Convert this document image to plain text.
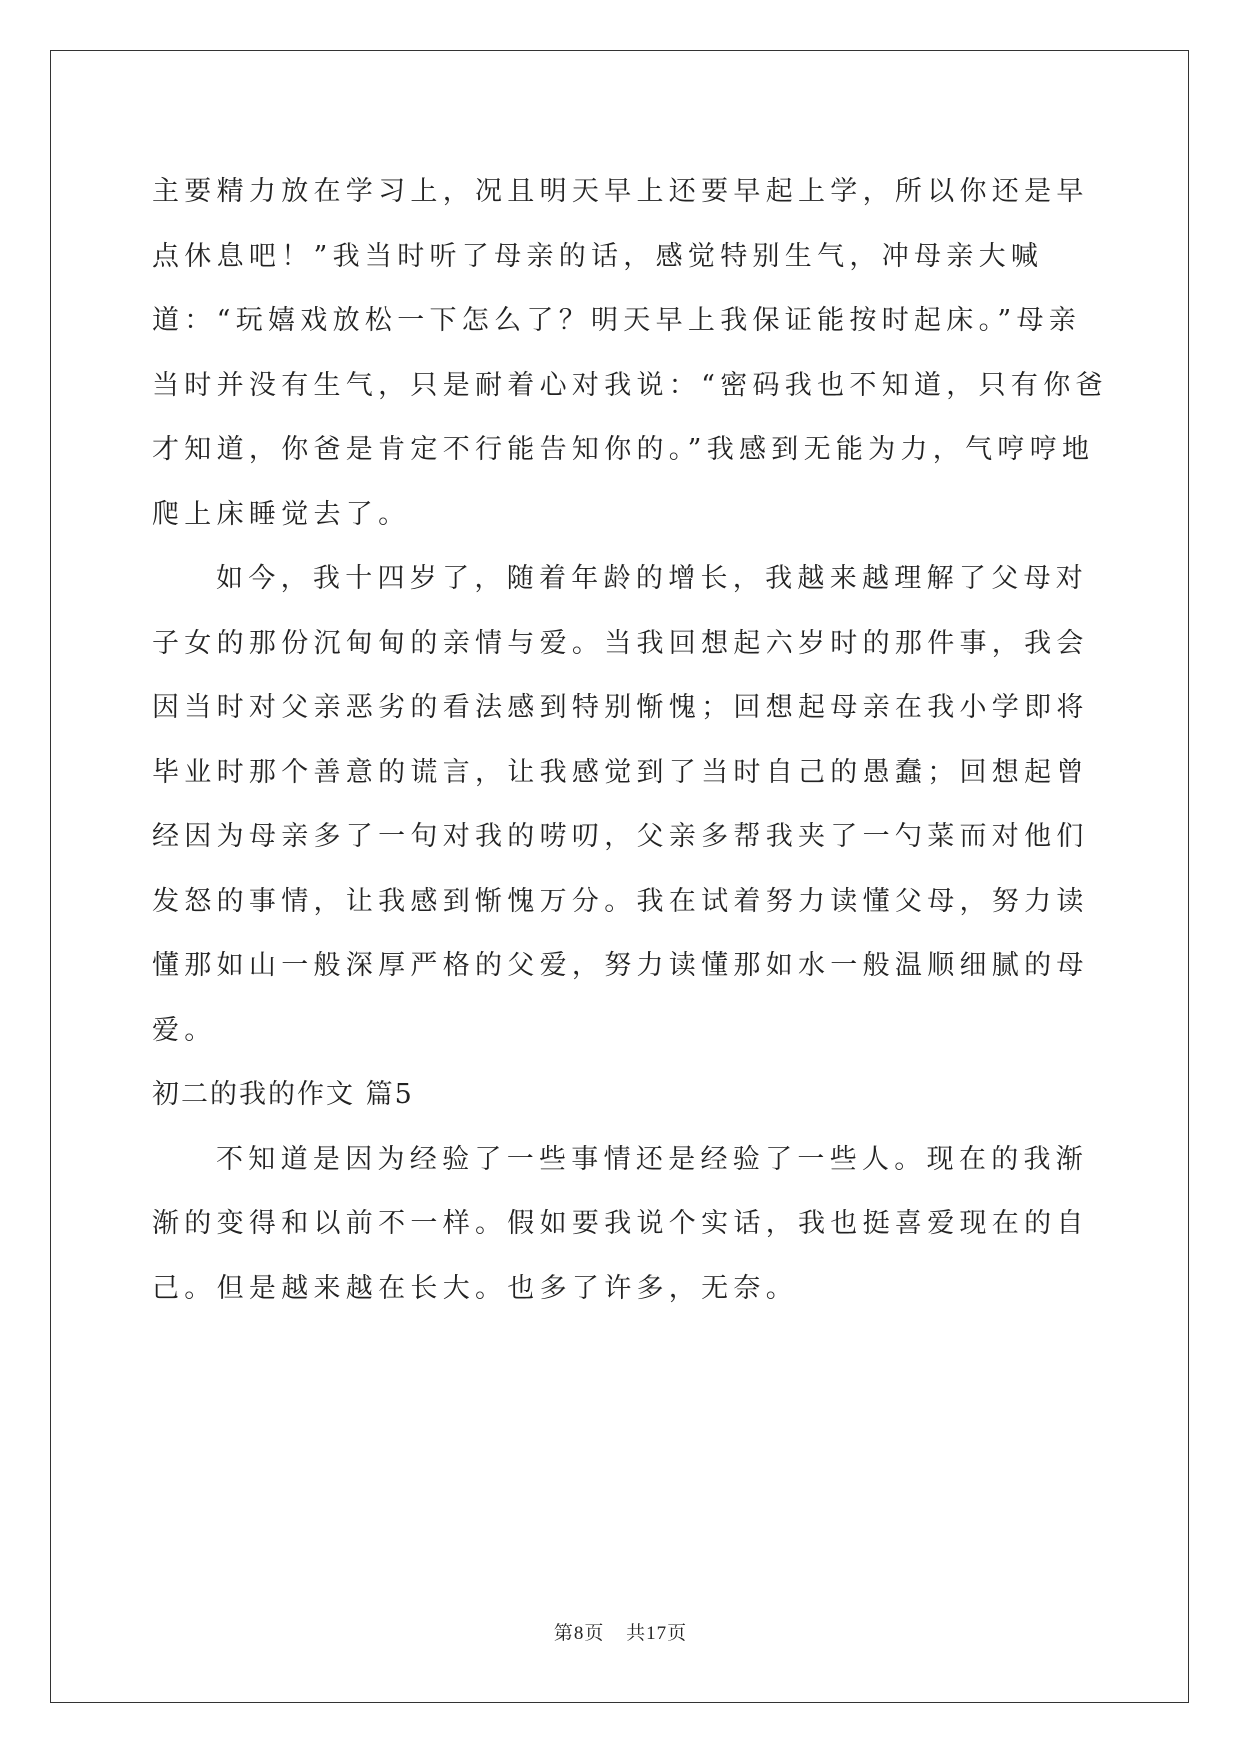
主要精力放在学习上，况且明天早上还要早起上学，所以你还是早点休息吧！”我当时听了母亲的话，感觉特别生气，冲母亲大喊道：“玩嬉戏放松一下怎么了？明天早上我保证能按时起床。”母亲当时并没有生气，只是耐着心对我说：“密码我也不知道，只有你爸才知道，你爸是肯定不行能告知你的。”我感到无能为力，气哼哼地爬上床睡觉去了。

如今，我十四岁了，随着年龄的增长，我越来越理解了父母对子女的那份沉甸甸的亲情与爱。当我回想起六岁时的那件事，我会因当时对父亲恶劣的看法感到特别惭愧；回想起母亲在我小学即将毕业时那个善意的谎言，让我感觉到了当时自己的愚蠢；回想起曾经因为母亲多了一句对我的唠叨，父亲多帮我夹了一勺菜而对他们发怒的事情，让我感到惭愧万分。我在试着努力读懂父母，努力读懂那如山一般深厚严格的父爱，努力读懂那如水一般温顺细腻的母爱。

初二的我的作文 篇5

不知道是因为经验了一些事情还是经验了一些人。现在的我渐渐的变得和以前不一样。假如要我说个实话，我也挺喜爱现在的自己。但是越来越在长大。也多了许多，无奈。

第8页 共17页
